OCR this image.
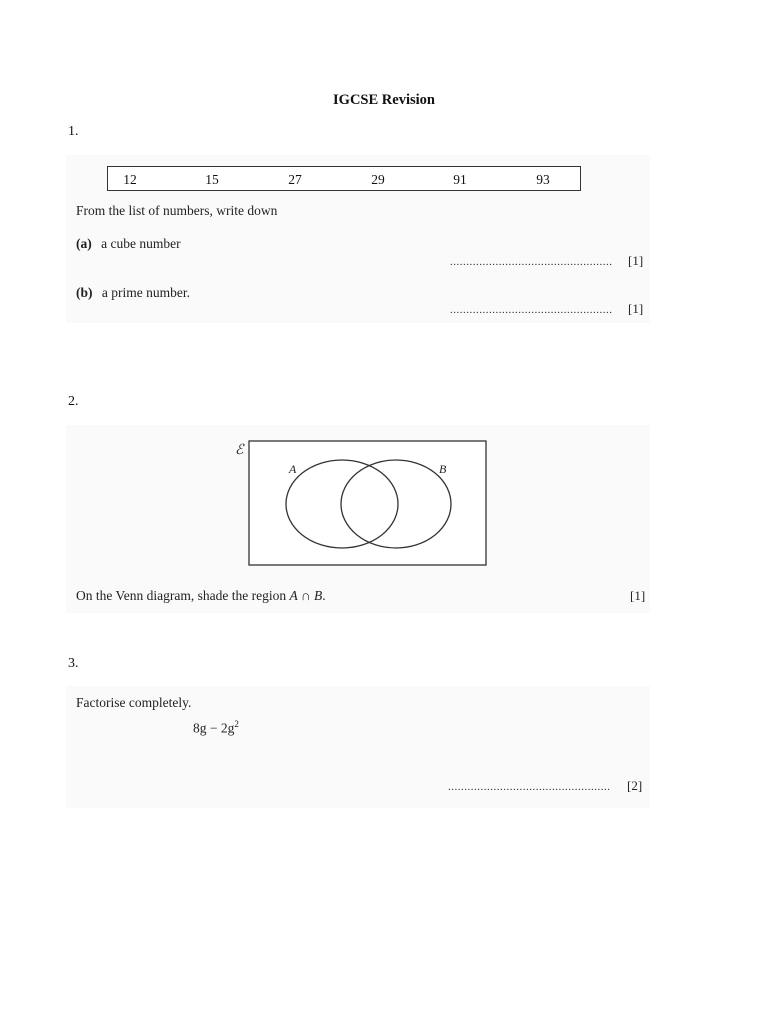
IGCSE Revision
1.
12	15	27	29	91	93
From the list of numbers, write down
(a) a cube number
.................................................. [1]
(b) a prime number.
.................................................. [1]
2.
ℰ
A	B
On the Venn diagram, shade the region A ∩ B.	[1]
3.
Factorise completely.
$8g - 2g^2$
.................................................. [2]
